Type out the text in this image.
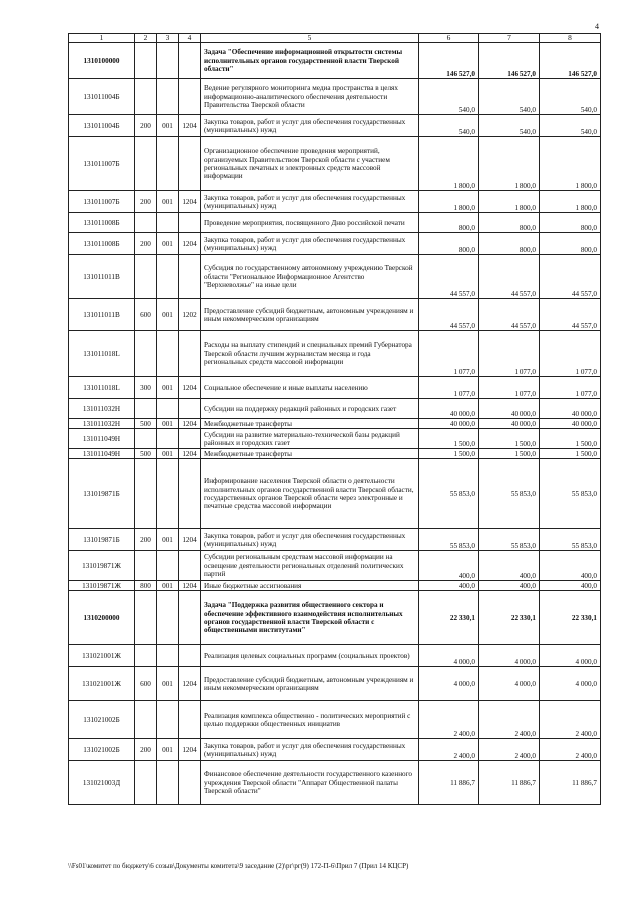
4
1	2	3	4	5	6	7	8
1310100000				Задача "Обеспечение информационной открытости системы исполнительных органов государственной власти Тверской области"	146 527,0	146 527,0	146 527,0
131011004Б				Ведение регулярного мониторинга медиа пространства в целях информационно-аналитического обеспечения деятельности Правительства Тверской области	540,0	540,0	540,0
131011004Б	200	001	1204	Закупка товаров, работ и услуг для обеспечения государственных (муниципальных) нужд	540,0	540,0	540,0
131011007Б				Организационное обеспечение проведения мероприятий, организуемых Правительством Тверской области с участием региональных печатных и электронных средств массовой информации	1 800,0	1 800,0	1 800,0
131011007Б	200	001	1204	Закупка товаров, работ и услуг для обеспечения государственных (муниципальных) нужд	1 800,0	1 800,0	1 800,0
131011008Б				Проведение мероприятия, посвященного Дню российской печати	800,0	800,0	800,0
131011008Б	200	001	1204	Закупка товаров, работ и услуг для обеспечения государственных (муниципальных) нужд	800,0	800,0	800,0
131011011В				Субсидия по государственному автономному учреждению Тверской области "Региональное Информационное Агентство "Верхневолжье" на иные цели	44 557,0	44 557,0	44 557,0
131011011В	600	001	1202	Предоставление субсидий бюджетным, автономным учреждениям и иным некоммерческим организациям	44 557,0	44 557,0	44 557,0
131011018L				Расходы на выплату стипендий и специальных премий Губернатора Тверской области лучшим журналистам месяца и года региональных средств массовой информации	1 077,0	1 077,0	1 077,0
131011018L	300	001	1204	Социальное обеспечение и иные выплаты населению	1 077,0	1 077,0	1 077,0
131011032Н				Субсидии на поддержку редакций районных и городских газет	40 000,0	40 000,0	40 000,0
131011032Н	500	001	1204	Межбюджетные трансферты	40 000,0	40 000,0	40 000,0
131011049Н				Субсидии на развитие материально-технической базы редакций районных и городских газет	1 500,0	1 500,0	1 500,0
131011049Н	500	001	1204	Межбюджетные трансферты	1 500,0	1 500,0	1 500,0
131019871Б				Информирование населения Тверской области о деятельности исполнительных органов государственной власти Тверской области, государственных органов Тверской области через электронные и печатные средства массовой информации	55 853,0	55 853,0	55 853,0
131019871Б	200	001	1204	Закупка товаров, работ и услуг для обеспечения государственных (муниципальных) нужд	55 853,0	55 853,0	55 853,0
131019871Ж				Субсидии региональным средствам массовой информации на освещение деятельности региональных отделений политических партий	400,0	400,0	400,0
131019871Ж	800	001	1204	Иные бюджетные ассигнования	400,0	400,0	400,0
1310200000				Задача "Поддержка развития общественного сектора и обеспечение эффективного взаимодействия исполнительных органов государственной власти Тверской области с общественными институтами"	22 330,1	22 330,1	22 330,1
131021001Ж				Реализация целевых социальных программ (социальных проектов)	4 000,0	4 000,0	4 000,0
131021001Ж	600	001	1204	Предоставление субсидий бюджетным, автономным учреждениям и иным некоммерческим организациям	4 000,0	4 000,0	4 000,0
131021002Б				Реализация комплекса общественно - политических мероприятий с целью поддержки общественных инициатив	2 400,0	2 400,0	2 400,0
131021002Б	200	001	1204	Закупка товаров, работ и услуг для обеспечения государственных (муниципальных) нужд	2 400,0	2 400,0	2 400,0
131021003Д				Финансовое обеспечение деятельности государственного казенного учреждения Тверской области "Аппарат Общественной палаты Тверской области"	11 886,7	11 886,7	11 886,7
\\Fs01\комитет по бюджету\6 созыв\Документы комитета\9 заседание (2)\рг\рг(9) 172-П-6\Прил 7 (Прил 14 КЦСР)
